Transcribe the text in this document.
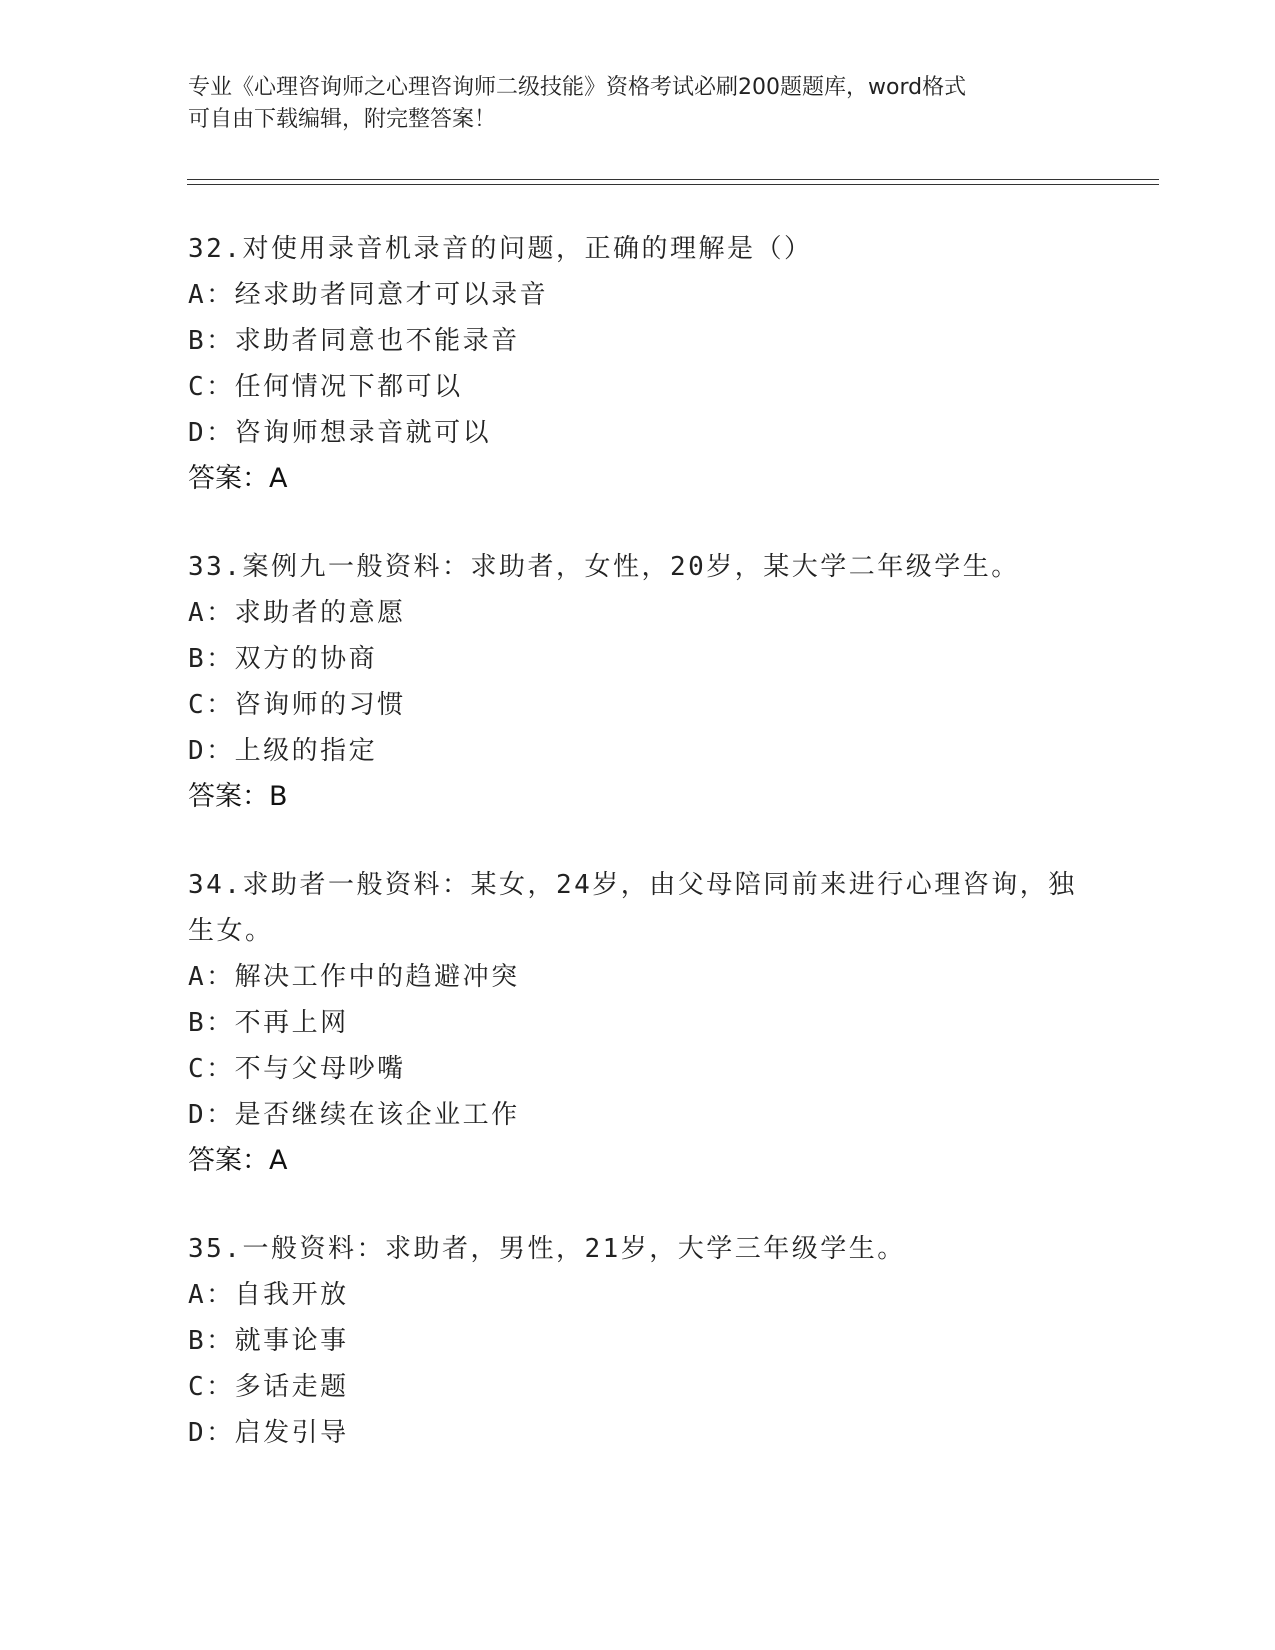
专业《心理咨询师之心理咨询师二级技能》资格考试必刷200题题库，word格式
可自由下载编辑，附完整答案！
32.对使用录音机录音的问题，正确的理解是（）
A：经求助者同意才可以录音
B：求助者同意也不能录音
C：任何情况下都可以
D：咨询师想录音就可以
答案：A
33.案例九一般资料：求助者，女性，20岁，某大学二年级学生。
A：求助者的意愿
B：双方的协商
C：咨询师的习惯
D：上级的指定
答案：B
34.求助者一般资料：某女，24岁，由父母陪同前来进行心理咨询，独
生女。
A：解决工作中的趋避冲突
B：不再上网
C：不与父母吵嘴
D：是否继续在该企业工作
答案：A
35.一般资料：求助者，男性，21岁，大学三年级学生。
A：自我开放
B：就事论事
C：多话走题
D：启发引导
